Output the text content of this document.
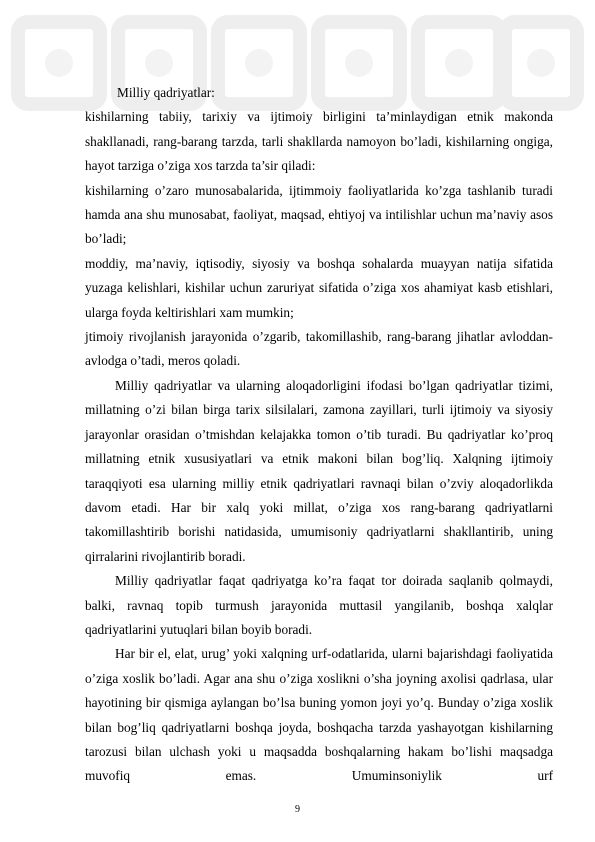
Milliy qadriyatlar:

kishilarning tabiiy, tarixiy va ijtimoiy birligini ta’minlaydigan etnik makonda shakllanadi, rang-barang tarzda, tarli shakllarda namoyon bo’ladi, kishilarning ongiga, hayot tarziga o’ziga xos tarzda ta’sir qiladi:

kishilarning o’zaro munosabalarida, ijtimmoiy faoliyatlarida ko’zga tashlanib turadi hamda ana shu munosabat, faoliyat, maqsad, ehtiyoj va intilishlar uchun ma’naviy asos bo’ladi;

moddiy, ma’naviy, iqtisodiy, siyosiy va boshqa sohalarda muayyan natija sifatida yuzaga kelishlari, kishilar uchun zaruriyat sifatida o’ziga xos ahamiyat kasb etishlari, ularga foyda keltirishlari xam mumkin;

jtimoiy rivojlanish jarayonida o’zgarib, takomillashib, rang-barang jihatlar avloddan-avlodga o’tadi, meros qoladi.

Milliy qadriyatlar va ularning aloqadorligini ifodasi bo’lgan qadriyatlar tizimi, millatning o’zi bilan birga tarix silsilalari, zamona zayillari, turli ijtimoiy va siyosiy jarayonlar orasidan o’tmishdan kelajakka tomon o’tib turadi. Bu qadriyatlar ko’proq millatning etnik xususiyatlari va etnik makoni bilan bog’liq. Xalqning ijtimoiy taraqqiyoti esa ularning milliy etnik qadriyatlari ravnaqi bilan o’zviy aloqadorlikda davom etadi. Har bir xalq yoki millat, o’ziga xos rang-barang qadriyatlarni takomillashtirib borishi natidasida, umumisoniy qadriyatlarni shakllantirib, uning qirralarini rivojlantirib boradi.

Milliy qadriyatlar faqat qadriyatga ko’ra faqat tor doirada saqlanib qolmaydi, balki, ravnaq topib turmush jarayonida muttasil yangilanib, boshqa xalqlar qadriyatlarini yutuqlari bilan boyib boradi.

Har bir el, elat, urug’ yoki xalqning urf-odatlarida, ularni bajarishdagi faoliyatida o’ziga xoslik bo’ladi. Agar ana shu o’ziga xoslikni o’sha joyning axolisi qadrlasa, ular hayotining bir qismiga aylangan bo’lsa buning yomon joyi yo’q. Bunday o’ziga xoslik bilan bog’liq qadriyatlarni boshqa joyda, boshqacha tarzda yashayotgan kishilarning tarozusi bilan ulchash yoki u maqsadda boshqalarning hakam bo’lishi maqsadga muvofiq emas. Umuminsoniylik urf

9
